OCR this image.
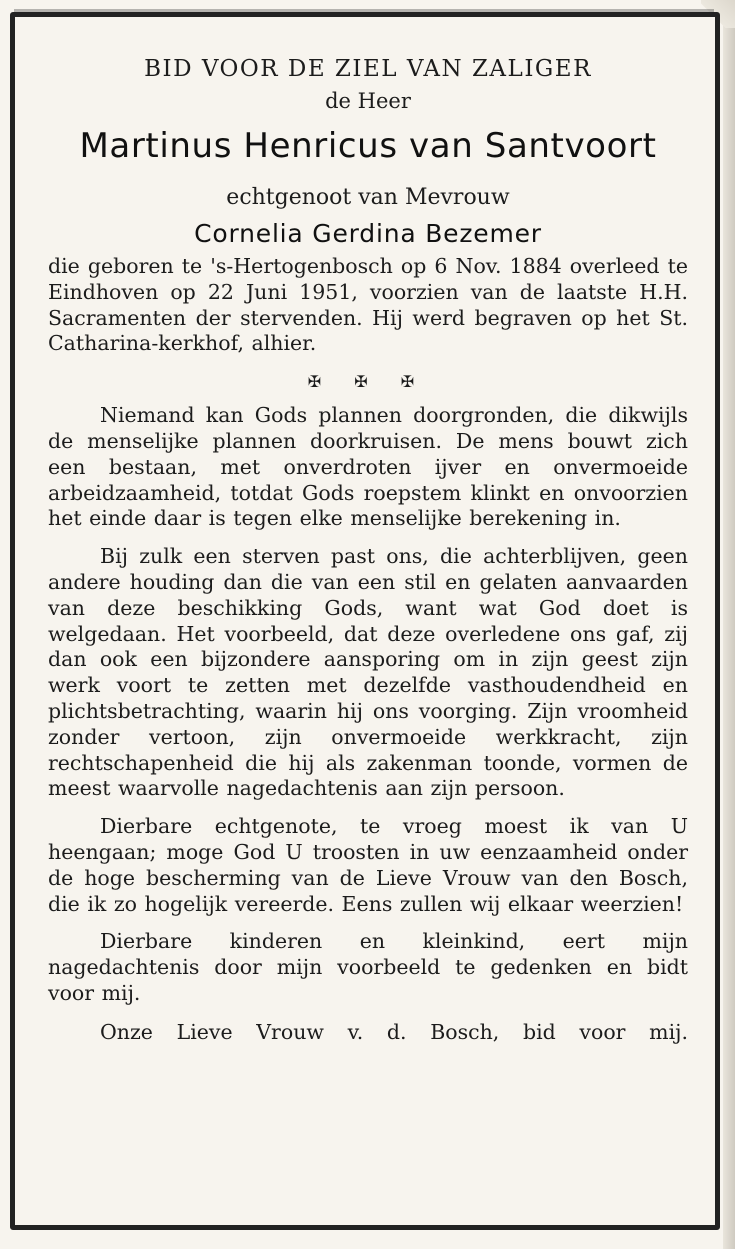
BID VOOR DE ZIEL VAN ZALIGER

de Heer

Martinus Henricus van Santvoort

echtgenoot van Mevrouw

Cornelia Gerdina Bezemer

die geboren te 's-Hertogenbosch op 6 Nov. 1884 overleed te Eindhoven op 22 Juni 1951, voorzien van de laatste H.H. Sacramenten der stervenden. Hij werd begraven op het St. Catharina-kerkhof, alhier.

✠ ✠ ✠

Niemand kan Gods plannen doorgronden, die dikwijls de menselijke plannen doorkruisen. De mens bouwt zich een bestaan, met onverdroten ijver en onvermoeide arbeidzaamheid, totdat Gods roepstem klinkt en onvoorzien het einde daar is tegen elke menselijke berekening in.

Bij zulk een sterven past ons, die achterblijven, geen andere houding dan die van een stil en gelaten aanvaarden van deze beschikking Gods, want wat God doet is welgedaan. Het voorbeeld, dat deze overledene ons gaf, zij dan ook een bijzondere aansporing om in zijn geest zijn werk voort te zetten met dezelfde vasthoudendheid en plichtsbetrachting, waarin hij ons voorging. Zijn vroomheid zonder vertoon, zijn onvermoeide werkkracht, zijn rechtschapenheid die hij als zakenman toonde, vormen de meest waarvolle nagedachtenis aan zijn persoon.

Dierbare echtgenote, te vroeg moest ik van U heengaan; moge God U troosten in uw eenzaamheid onder de hoge bescherming van de Lieve Vrouw van den Bosch, die ik zo hogelijk vereerde. Eens zullen wij elkaar weerzien!

Dierbare kinderen en kleinkind, eert mijn nagedachtenis door mijn voorbeeld te gedenken en bidt voor mij.

Onze Lieve Vrouw v. d. Bosch, bid voor mij.
